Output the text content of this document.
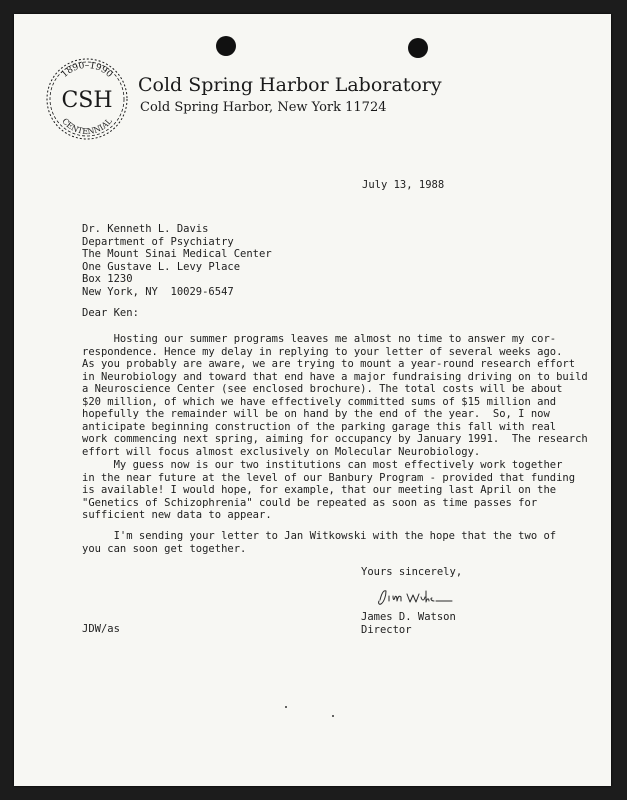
1890–1990
CSH
CENTENNIAL
Cold Spring Harbor Laboratory
Cold Spring Harbor, New York 11724
July 13, 1988
Dr. Kenneth L. Davis
Department of Psychiatry
The Mount Sinai Medical Center
One Gustave L. Levy Place
Box 1230
New York, NY  10029-6547
Dear Ken:
Hosting our summer programs leaves me almost no time to answer my cor-
respondence. Hence my delay in replying to your letter of several weeks ago.
As you probably are aware, we are trying to mount a year-round research effort
in Neurobiology and toward that end have a major fundraising driving on to build
a Neuroscience Center (see enclosed brochure). The total costs will be about
$20 million, of which we have effectively committed sums of $15 million and
hopefully the remainder will be on hand by the end of the year.  So, I now
anticipate beginning construction of the parking garage this fall with real
work commencing next spring, aiming for occupancy by January 1991.  The research
effort will focus almost exclusively on Molecular Neurobiology.
My guess now is our two institutions can most effectively work together
in the near future at the level of our Banbury Program - provided that funding
is available! I would hope, for example, that our meeting last April on the
"Genetics of Schizophrenia" could be repeated as soon as time passes for
sufficient new data to appear.
I'm sending your letter to Jan Witkowski with the hope that the two of
you can soon get together.
Yours sincerely,
James D. Watson
Director
JDW/as
